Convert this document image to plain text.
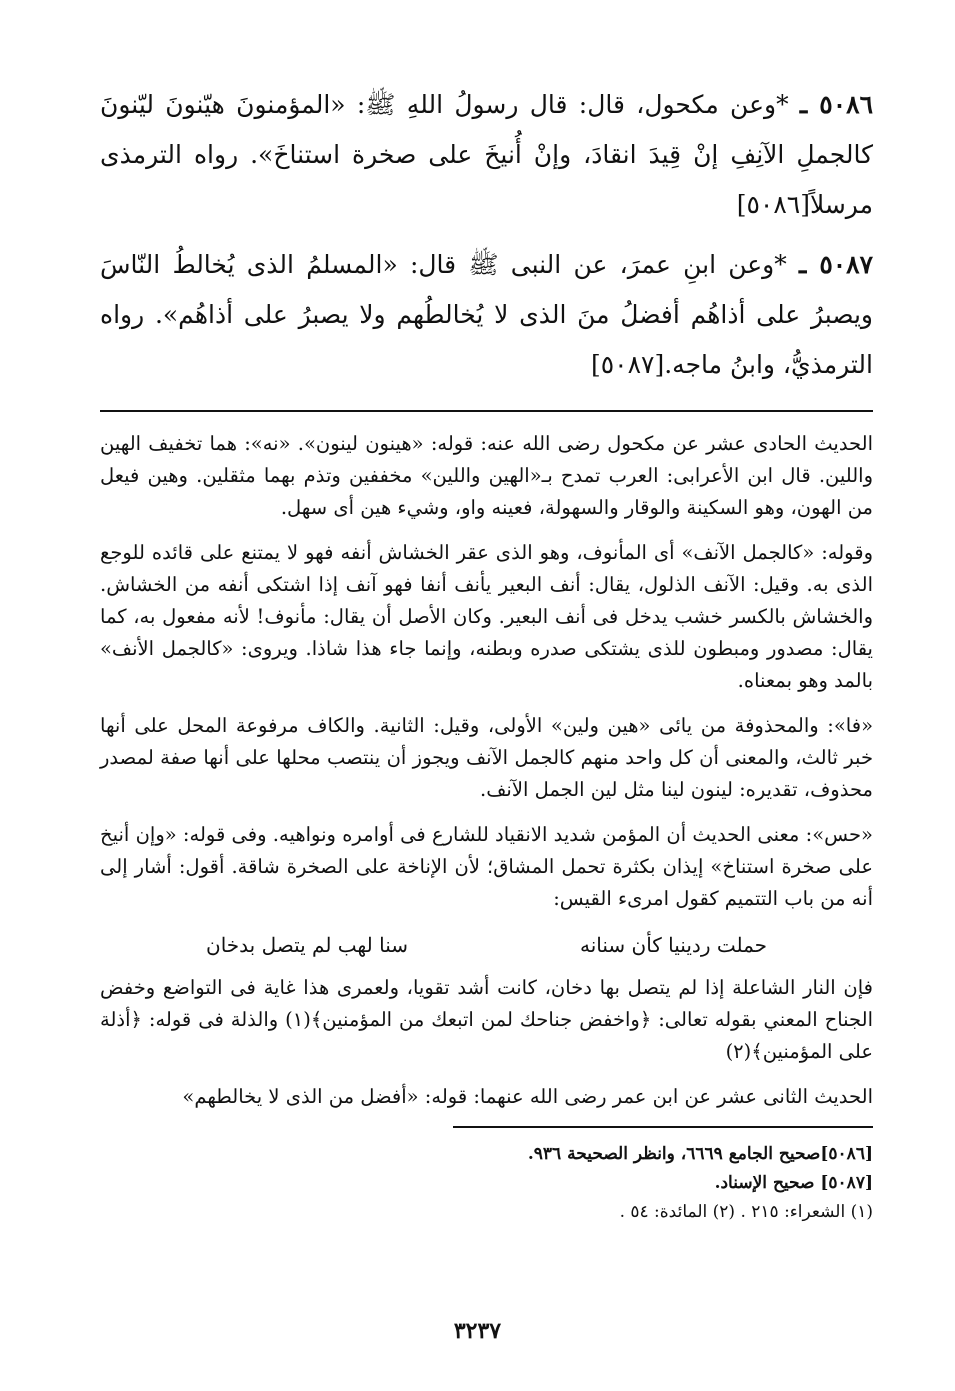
٥٠٨٦ ـ *وعن مكحول، قال: قال رسولُ اللهِ ﷺ: «المؤمنونَ هيّنونَ ليّنونَ كالجملِ الآنِفِ إنْ قِيدَ انقادَ، وإنْ أُنيخَ على صخرة استناخَ». رواه الترمذى مرسلاً[٥٠٨٦]

٥٠٨٧ ـ *وعن ابنِ عمرَ، عن النبى ﷺ قال: «المسلمُ الذى يُخالطُ النّاسَ ويصبرُ على أذاهُم أفضلُ منَ الذى لا يُخالطُهم ولا يصبرُ على أذاهُم». رواه الترمذيُّ، وابنُ ماجه.[٥٠٨٧]

الحديث الحادى عشر عن مكحول رضى الله عنه: قوله: «هينون لينون». «نه»: هما تخفيف الهين واللين. قال ابن الأعرابى: العرب تمدح بـ«الهين واللين» مخففين وتذم بهما مثقلين. وهين فيعل من الهون، وهو السكينة والوقار والسهولة، فعينه واو، وشيء هين أى سهل.

وقوله: «كالجمل الآنف» أى المأنوف، وهو الذى عقر الخشاش أنفه فهو لا يمتنع على قائده للوجع الذى به. وقيل: الآنف الذلول، يقال: أنف البعير يأنف أنفا فهو آنف إذا اشتكى أنفه من الخشاش. والخشاش بالكسر خشب يدخل فى أنف البعير. وكان الأصل أن يقال: مأنوف! لأنه مفعول به، كما يقال: مصدور ومبطون للذى يشتكى صدره وبطنه، وإنما جاء هذا شاذا. ويروى: «كالجمل الأنف» بالمد وهو بمعناه.

«فا»: والمحذوفة من يائى «هين ولين» الأولى، وقيل: الثانية. والكاف مرفوعة المحل على أنها خبر ثالث، والمعنى أن كل واحد منهم كالجمل الآنف ويجوز أن ينتصب محلها على أنها صفة لمصدر محذوف، تقديره: لينون لينا مثل لين الجمل الآنف.

«حس»: معنى الحديث أن المؤمن شديد الانقياد للشارع فى أوامره ونواهيه. وفى قوله: «وإن أنيخ على صخرة استناخ» إيذان بكثرة تحمل المشاق؛ لأن الإناخة على الصخرة شاقة. أقول: أشار إلى أنه من باب التتميم كقول امرىء القيس:

حملت ردينيا كأن سنانه
سنا لهب لم يتصل بدخان

فإن النار الشاعلة إذا لم يتصل بها دخان، كانت أشد تقويا، ولعمرى هذا غاية فى التواضع وخفض الجناح المعني بقوله تعالى: ﴿واخفض جناحك لمن اتبعك من المؤمنين﴾(١) والذلة فى قوله: ﴿أذلة على المؤمنين﴾(٢)

الحديث الثانى عشر عن ابن عمر رضى الله عنهما: قوله: «أفضل من الذى لا يخالطهم»

[٥٠٨٦]صحيح الجامع ٦٦٦٩، وانظر الصحيحة ٩٣٦.
[٥٠٨٧] صحيح الإسناد.
(١) الشعراء: ٢١٥ . (٢) المائدة: ٥٤ .
٣٢٣٧
